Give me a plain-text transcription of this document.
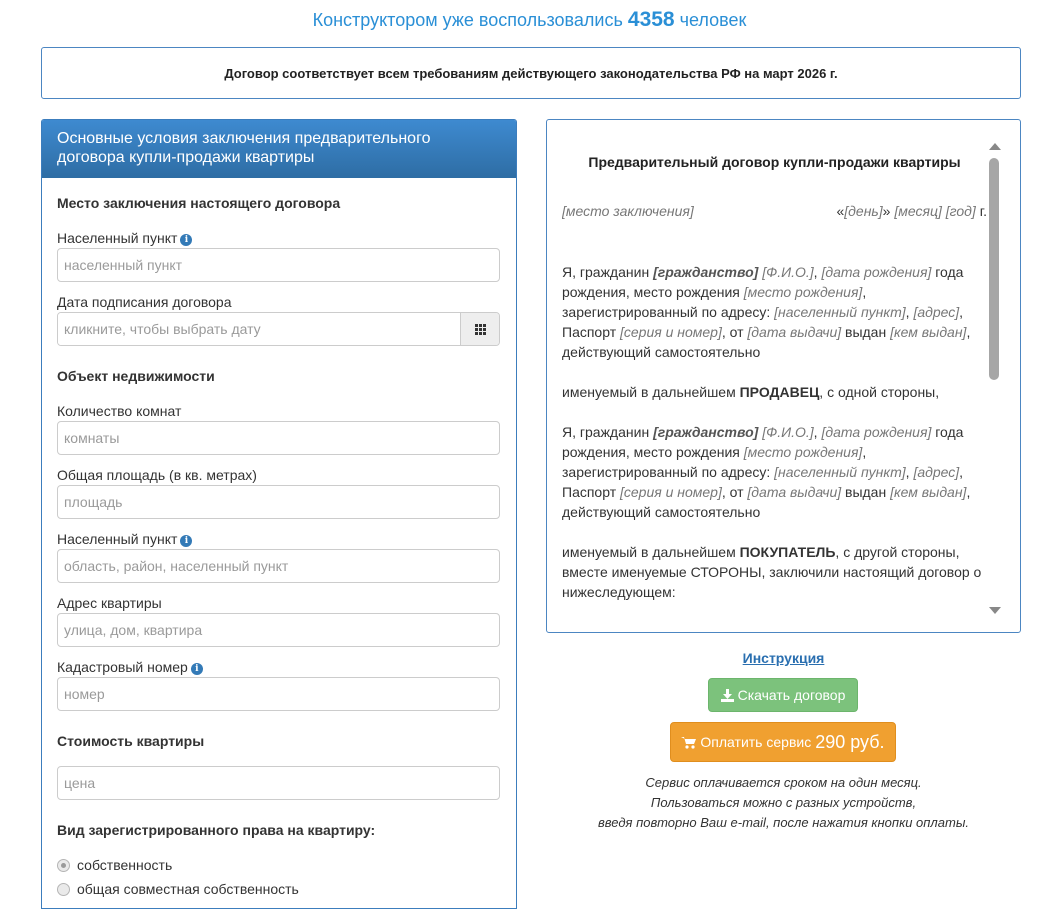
Конструктором уже воспользовались 4358 человек
Договор соответствует всем требованиям действующего законодательства РФ на март 2026 г.
Основные условия заключения предварительного договора купли-продажи квартиры
Место заключения настоящего договора
Населенный пункт i
населенный пункт
Дата подписания договора
кликните, чтобы выбрать дату
Объект недвижимости
Количество комнат
комнаты
Общая площадь (в кв. метрах)
площадь
Населенный пункт i
область, район, населенный пункт
Адрес квартиры
улица, дом, квартира
Кадастровый номер i
номер
Стоимость квартиры
цена
Вид зарегистрированного права на квартиру:
собственность
общая совместная собственность
Предварительный договор купли-продажи квартиры
[место заключения]	«[день]» [месяц] [год] г.
Я, гражданин [гражданство] [Ф.И.О.], [дата рождения] года рождения, место рождения [место рождения], зарегистрированный по адресу: [населенный пункт], [адрес], Паспорт [серия и номер], от [дата выдачи] выдан [кем выдан], действующий самостоятельно
именуемый в дальнейшем ПРОДАВЕЦ, с одной стороны,
Я, гражданин [гражданство] [Ф.И.О.], [дата рождения] года рождения, место рождения [место рождения], зарегистрированный по адресу: [населенный пункт], [адрес], Паспорт [серия и номер], от [дата выдачи] выдан [кем выдан], действующий самостоятельно
именуемый в дальнейшем ПОКУПАТЕЛЬ, с другой стороны, вместе именуемые СТОРОНЫ, заключили настоящий договор о нижеследующем:
Инструкция
Скачать договор
Оплатить сервис 290 руб.
Сервис оплачивается сроком на один месяц.
Пользоваться можно с разных устройств,
введя повторно Ваш e-mail, после нажатия кнопки оплаты.
